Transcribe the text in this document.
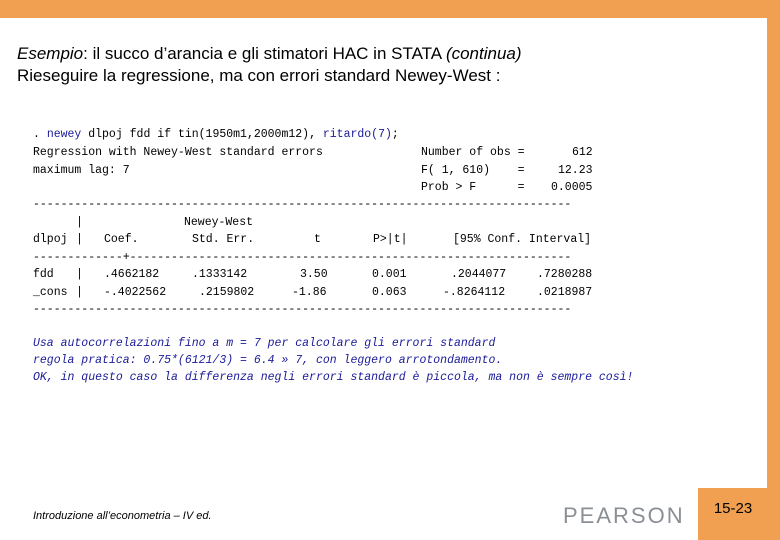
Esempio: il succo d’arancia e gli stimatori HAC in STATA (continua)
Rieseguire la regressione, ma con errori standard Newey-West :
. newey dlpoj fdd if tin(1950m1,2000m12), ritardo(7);
Regression with Newey-West standard errors	Number of obs =	612
maximum lag: 7	F( 1, 610)    =	12.23
Prob > F      = 0.0005
------------------------------------------------------------------------------
|	Newey-West
dlpoj | Coef.	Std. Err.	t	P>|t|	[95% Conf. Interval]
-------------+----------------------------------------------------------------
fdd | .4662182	.1333142	3.50	0.001	.2044077	.7280288
_cons | -.4022562	.2159802	-1.86	0.063	-.8264112	.0218987
------------------------------------------------------------------------------
Usa autocorrelazioni fino a m = 7 per calcolare gli errori standard
regola pratica: 0.75*(6121/3) = 6.4 » 7, con leggero arrotondamento.
OK, in questo caso la differenza negli errori standard è piccola, ma non è sempre così!
Introduzione all’econometria – IV ed.	PEARSON	15-23
